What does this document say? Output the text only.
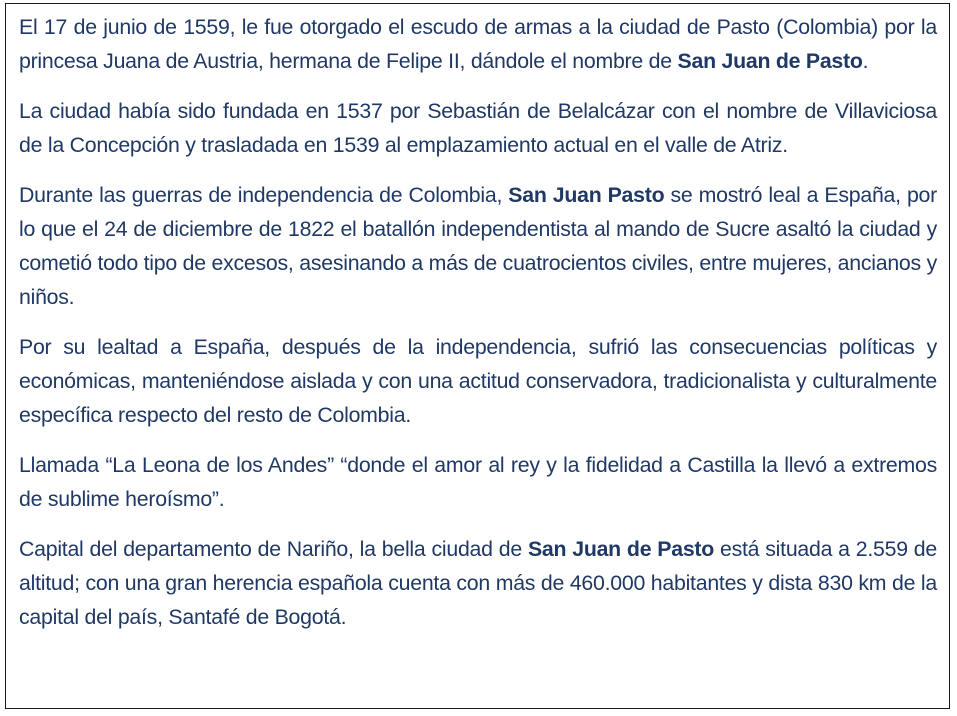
El 17 de junio de 1559, le fue otorgado el escudo de armas a la ciudad de Pasto (Colombia) por la princesa Juana de Austria, hermana de Felipe II, dándole el nombre de San Juan de Pasto.

La ciudad había sido fundada en 1537 por Sebastián de Belalcázar con el nombre de Villaviciosa de la Concepción y trasladada en 1539 al emplazamiento actual en el valle de Atriz.

Durante las guerras de independencia de Colombia, San Juan Pasto se mostró leal a España, por lo que el 24 de diciembre de 1822 el batallón independentista al mando de Sucre asaltó la ciudad y cometió todo tipo de excesos, asesinando a más de cuatrocientos civiles, entre mujeres, ancianos y niños.

Por su lealtad a España, después de la independencia, sufrió las consecuencias políticas y económicas, manteniéndose aislada y con una actitud conservadora, tradicionalista y culturalmente específica respecto del resto de Colombia.

Llamada “La Leona de los Andes” “donde el amor al rey y la fidelidad a Castilla la llevó a extremos de sublime heroísmo”.

Capital del departamento de Nariño, la bella ciudad de San Juan de Pasto está situada a 2.559 de altitud; con una gran herencia española cuenta con más de 460.000 habitantes y dista 830 km de la capital del país, Santafé de Bogotá.
